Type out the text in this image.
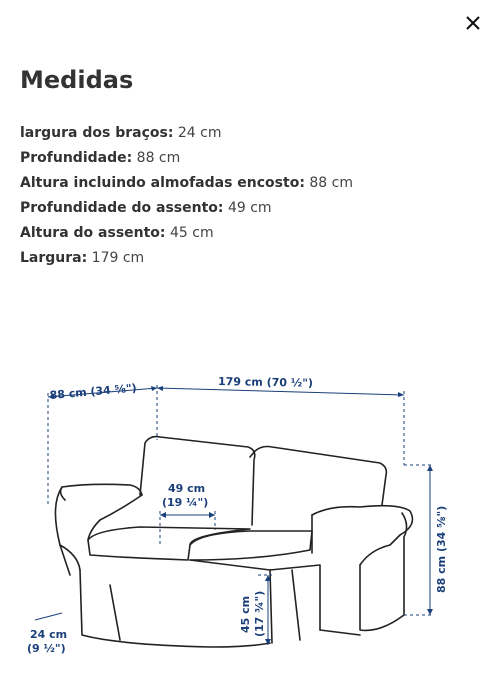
Medidas
largura dos braços: 24 cm
Profundidade: 88 cm
Altura incluindo almofadas encosto: 88 cm
Profundidade do assento: 49 cm
Altura do assento: 45 cm
Largura: 179 cm
88 cm (34 ⅝")	179 cm (70 ½")
88 cm (34 ⅝")
49 cm
(19 ¼")
45 cm (17 ¾")
24 cm
(9 ½")
